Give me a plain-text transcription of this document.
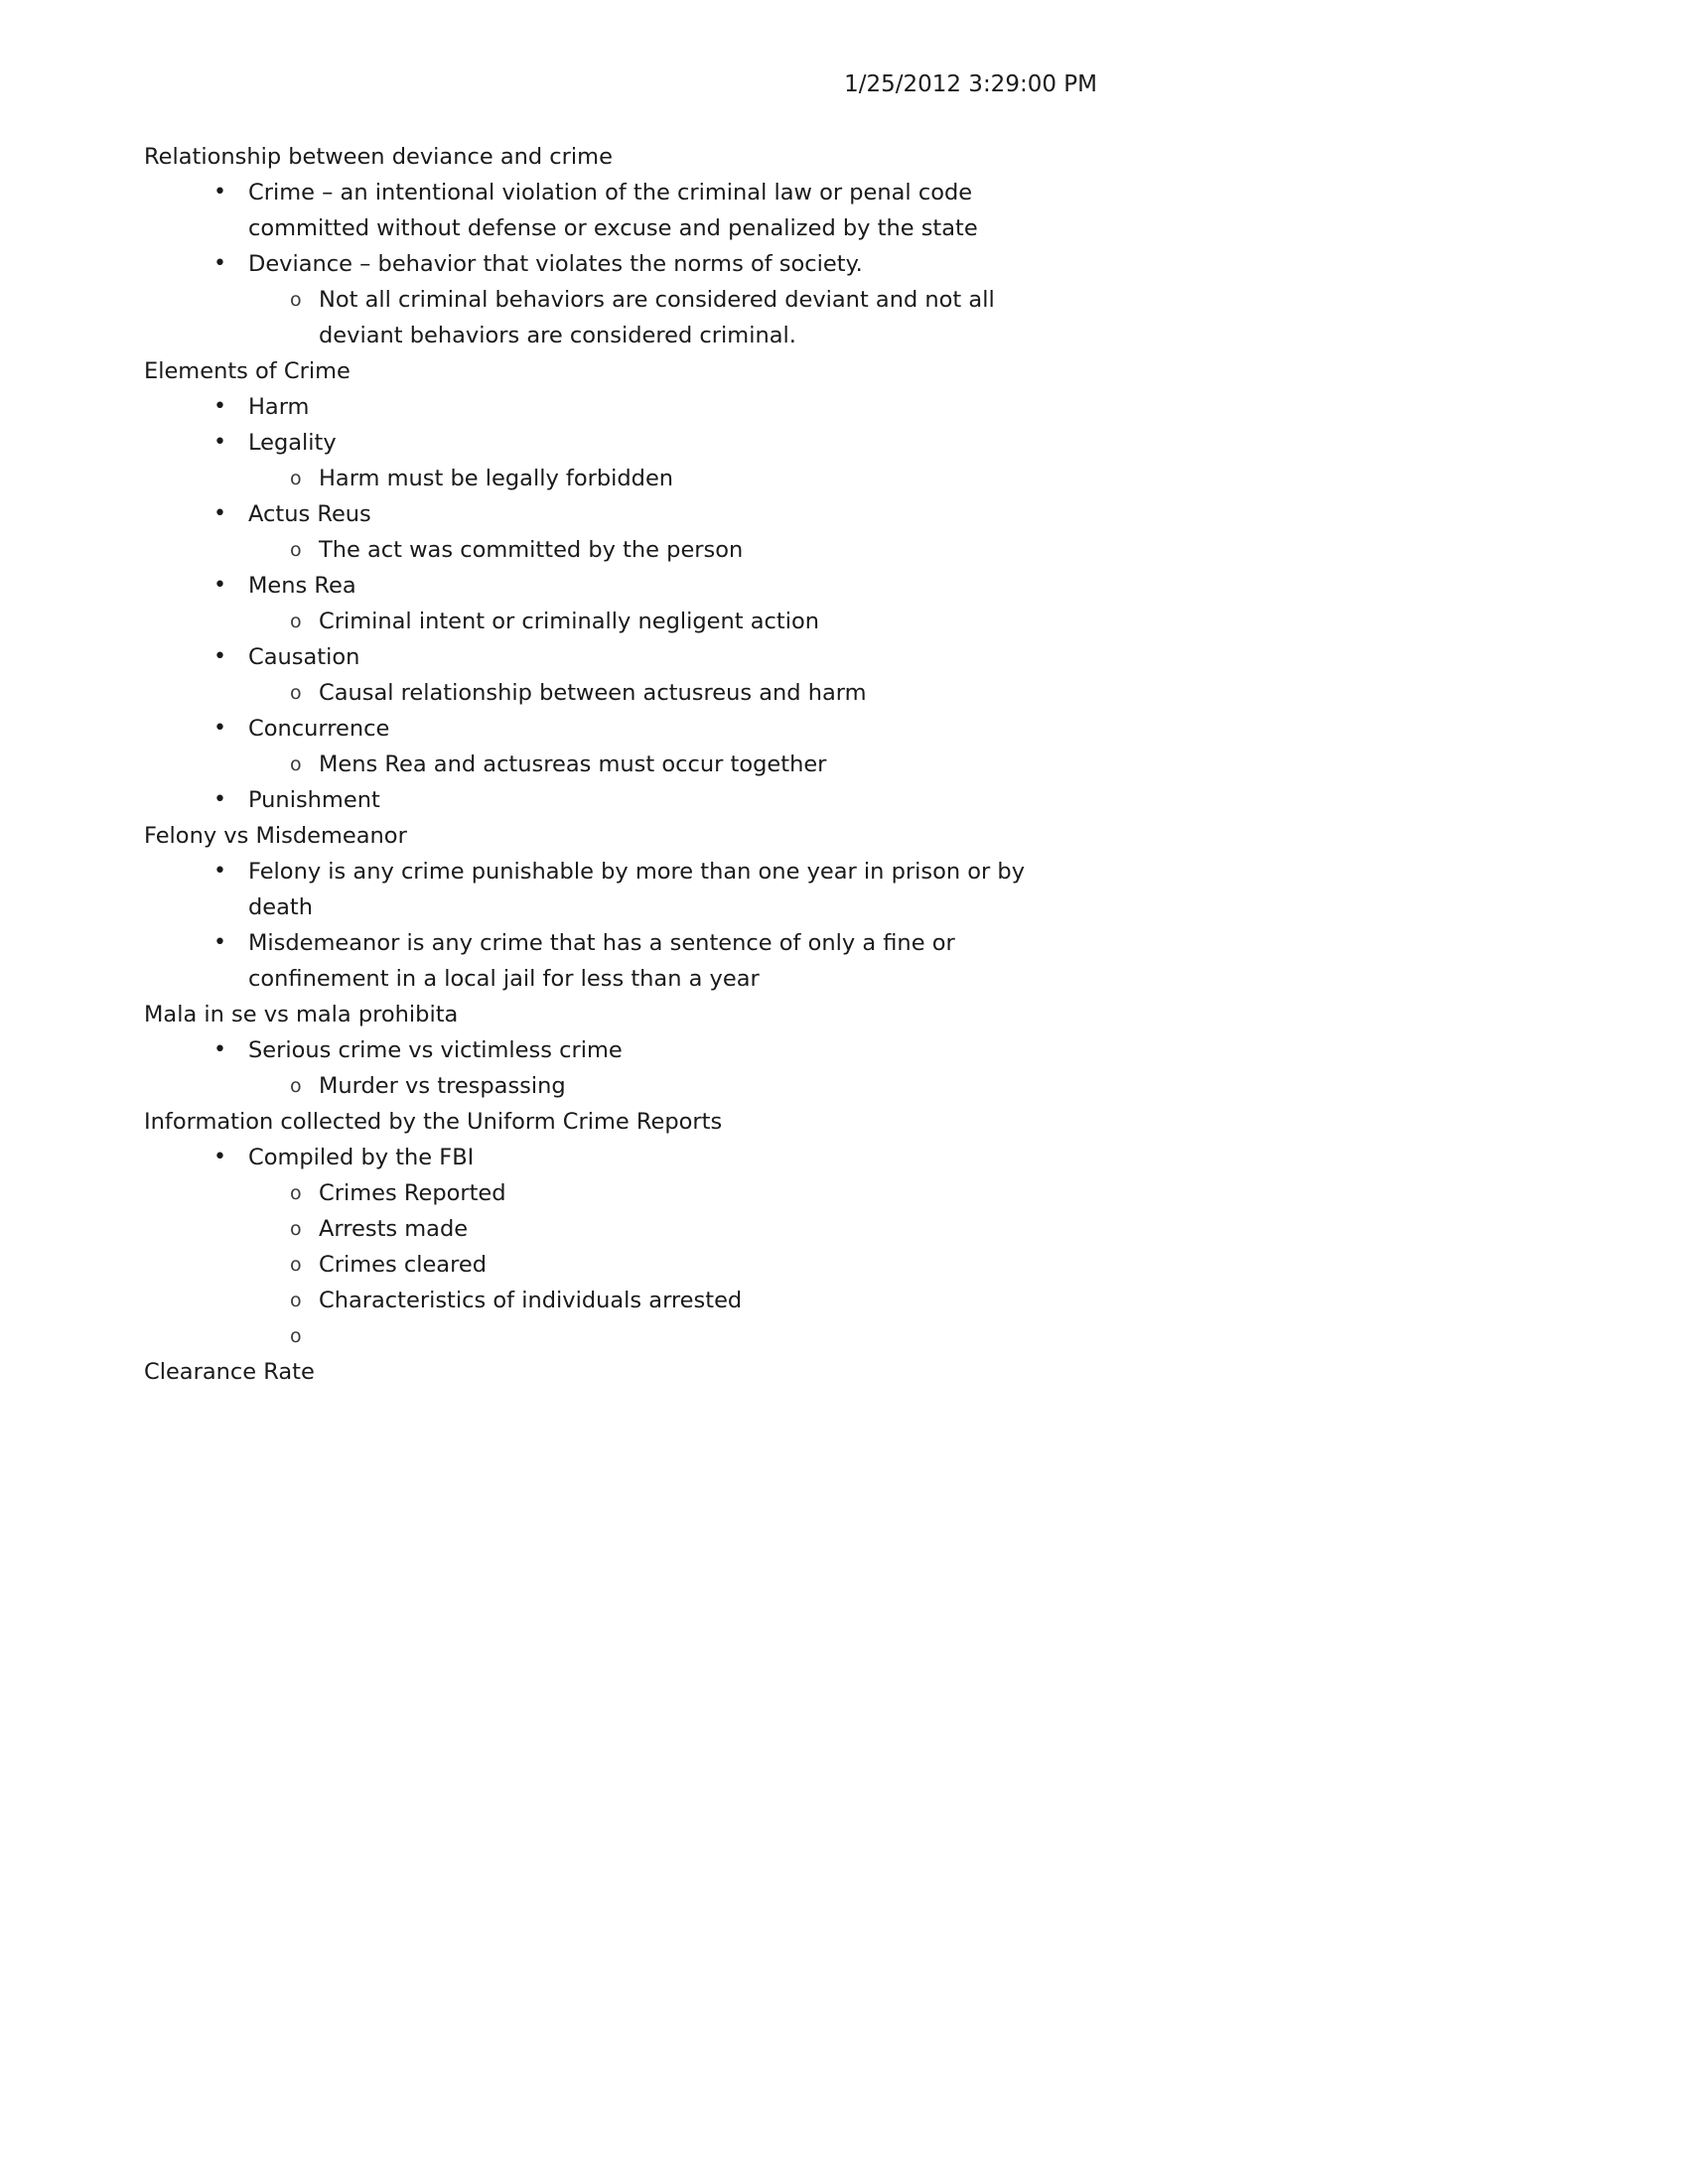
1/25/2012 3:29:00 PM
Relationship between deviance and crime
• Crime – an intentional violation of the criminal law or penal code committed without defense or excuse and penalized by the state
• Deviance – behavior that violates the norms of society.
o Not all criminal behaviors are considered deviant and not all deviant behaviors are considered criminal.
Elements of Crime
• Harm
• Legality
o Harm must be legally forbidden
• Actus Reus
o The act was committed by the person
• Mens Rea
o Criminal intent or criminally negligent action
• Causation
o Causal relationship between actusreus and harm
• Concurrence
o Mens Rea and actusreas must occur together
• Punishment
Felony vs Misdemeanor
• Felony is any crime punishable by more than one year in prison or by death
• Misdemeanor is any crime that has a sentence of only a fine or confinement in a local jail for less than a year
Mala in se vs mala prohibita
• Serious crime vs victimless crime
o Murder vs trespassing
Information collected by the Uniform Crime Reports
• Compiled by the FBI
o Crimes Reported
o Arrests made
o Crimes cleared
o Characteristics of individuals arrested
o
Clearance Rate
